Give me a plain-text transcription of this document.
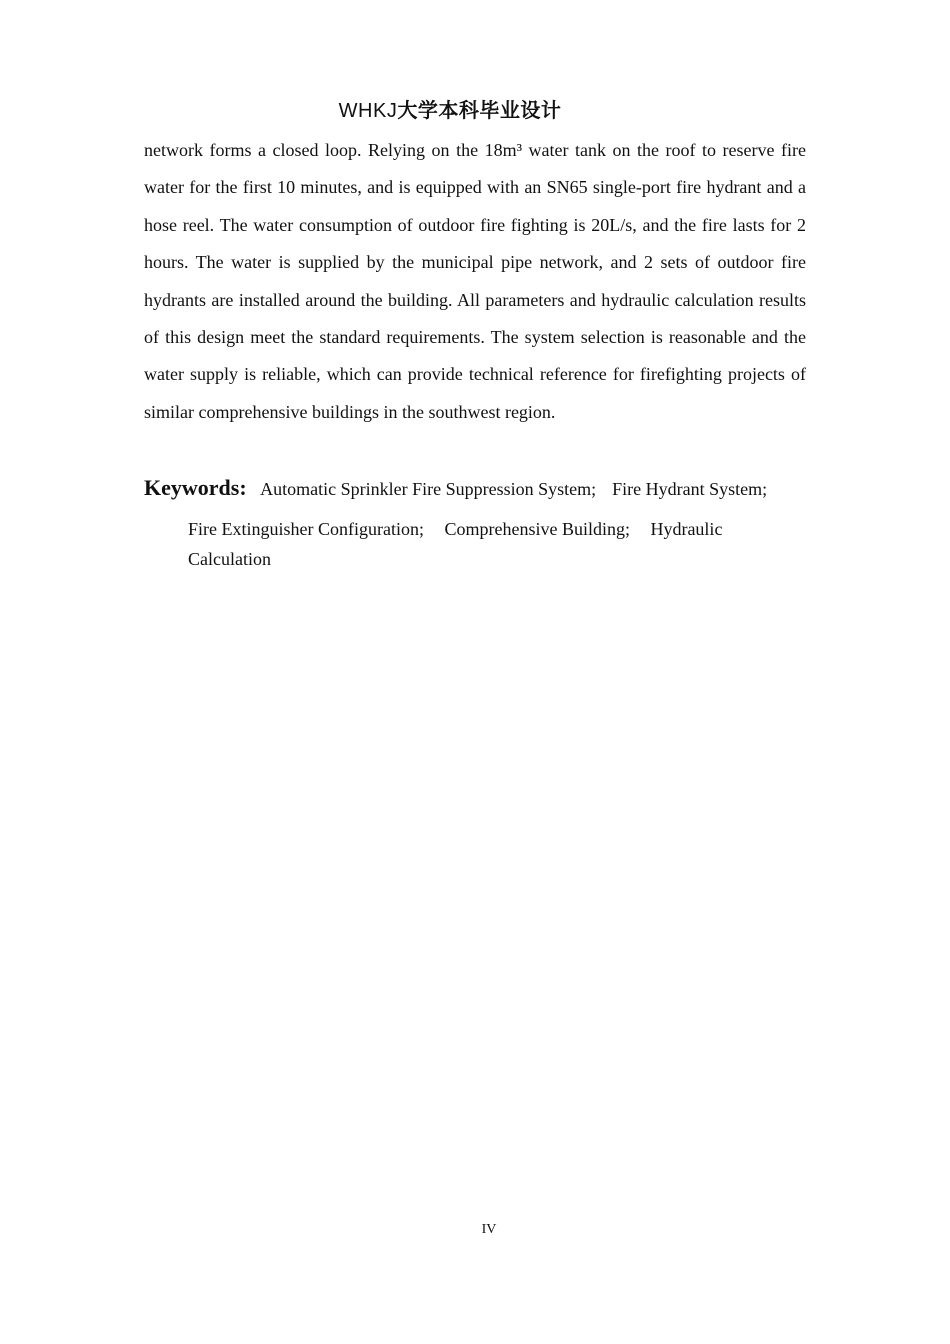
WHKJ大学本科毕业设计

network forms a closed loop. Relying on the 18m³ water tank on the roof to reserve fire water for the first 10 minutes, and is equipped with an SN65 single-port fire hydrant and a hose reel. The water consumption of outdoor fire fighting is 20L/s, and the fire lasts for 2 hours. The water is supplied by the municipal pipe network, and 2 sets of outdoor fire hydrants are installed around the building. All parameters and hydraulic calculation results of this design meet the standard requirements. The system selection is reasonable and the water supply is reliable, which can provide technical reference for firefighting projects of similar comprehensive buildings in the southwest region.

Keywords: Automatic Sprinkler Fire Suppression System; Fire Hydrant System;
Fire Extinguisher Configuration; Comprehensive Building; Hydraulic Calculation
IV
